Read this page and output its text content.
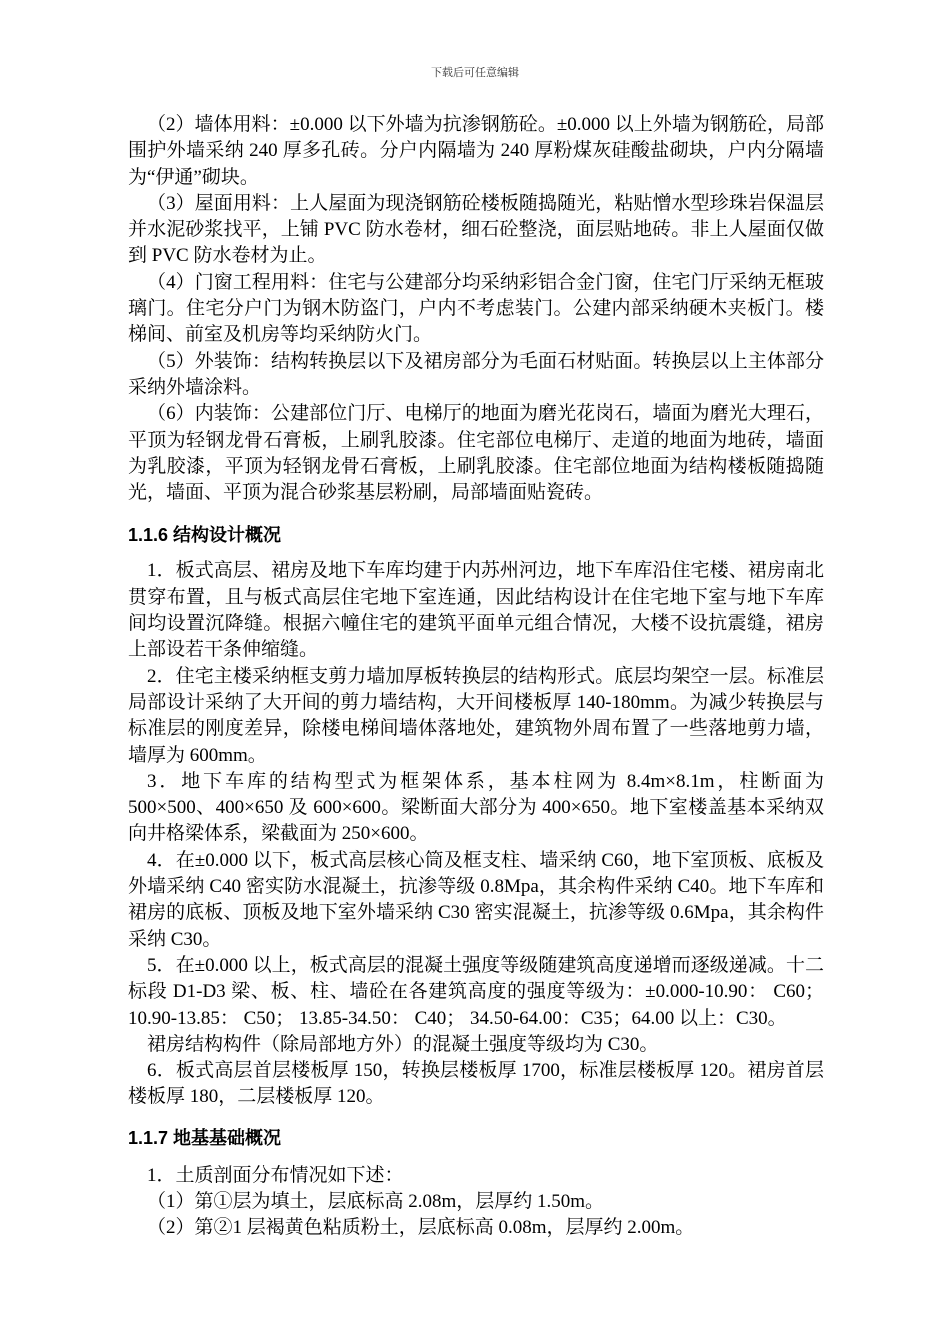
下载后可任意编辑

（2）墙体用料：±0.000 以下外墙为抗渗钢筋砼。±0.000 以上外墙为钢筋砼，局部围护外墙采纳 240 厚多孔砖。分户内隔墙为 240 厚粉煤灰硅酸盐砌块，户内分隔墙为“伊通”砌块。

（3）屋面用料：上人屋面为现浇钢筋砼楼板随捣随光，粘贴憎水型珍珠岩保温层并水泥砂浆找平，上铺 PVC 防水卷材，细石砼整浇，面层贴地砖。非上人屋面仅做到 PVC 防水卷材为止。

（4）门窗工程用料：住宅与公建部分均采纳彩铝合金门窗，住宅门厅采纳无框玻璃门。住宅分户门为钢木防盗门，户内不考虑装门。公建内部采纳硬木夹板门。楼梯间、前室及机房等均采纳防火门。

（5）外装饰：结构转换层以下及裙房部分为毛面石材贴面。转换层以上主体部分采纳外墙涂料。

（6）内装饰：公建部位门厅、电梯厅的地面为磨光花岗石，墙面为磨光大理石，平顶为轻钢龙骨石膏板，上刷乳胶漆。住宅部位电梯厅、走道的地面为地砖，墙面为乳胶漆，平顶为轻钢龙骨石膏板，上刷乳胶漆。住宅部位地面为结构楼板随捣随光，墙面、平顶为混合砂浆基层粉刷，局部墙面贴瓷砖。

1.1.6 结构设计概况

1．板式高层、裙房及地下车库均建于内苏州河边，地下车库沿住宅楼、裙房南北贯穿布置，且与板式高层住宅地下室连通，因此结构设计在住宅地下室与地下车库间均设置沉降缝。根据六幢住宅的建筑平面单元组合情况，大楼不设抗震缝，裙房上部设若干条伸缩缝。

2．住宅主楼采纳框支剪力墙加厚板转换层的结构形式。底层均架空一层。标准层局部设计采纳了大开间的剪力墙结构，大开间楼板厚 140-180mm。为减少转换层与标准层的刚度差异，除楼电梯间墙体落地处，建筑物外周布置了一些落地剪力墙，墙厚为 600mm。

3．地下车库的结构型式为框架体系，基本柱网为 8.4m×8.1m，柱断面为 500×500、400×650 及 600×600。梁断面大部分为 400×650。地下室楼盖基本采纳双向井格梁体系，梁截面为 250×600。

4．在±0.000 以下，板式高层核心筒及框支柱、墙采纳 C60，地下室顶板、底板及外墙采纳 C40 密实防水混凝土，抗渗等级 0.8Mpa，其余构件采纳 C40。地下车库和裙房的底板、顶板及地下室外墙采纳 C30 密实混凝土，抗渗等级 0.6Mpa，其余构件采纳 C30。

5．在±0.000 以上，板式高层的混凝土强度等级随建筑高度递增而逐级递减。十二标段 D1-D3 梁、板、柱、墙砼在各建筑高度的强度等级为：±0.000-10.90： C60； 10.90-13.85： C50； 13.85-34.50： C40； 34.50-64.00：C35；64.00 以上：C30。

裙房结构构件（除局部地方外）的混凝土强度等级均为 C30。

6．板式高层首层楼板厚 150，转换层楼板厚 1700，标准层楼板厚 120。裙房首层楼板厚 180，二层楼板厚 120。

1.1.7 地基基础概况

1．土质剖面分布情况如下述：

（1）第①层为填土，层底标高 2.08m，层厚约 1.50m。

（2）第②1 层褐黄色粘质粉土，层底标高 0.08m，层厚约 2.00m。
